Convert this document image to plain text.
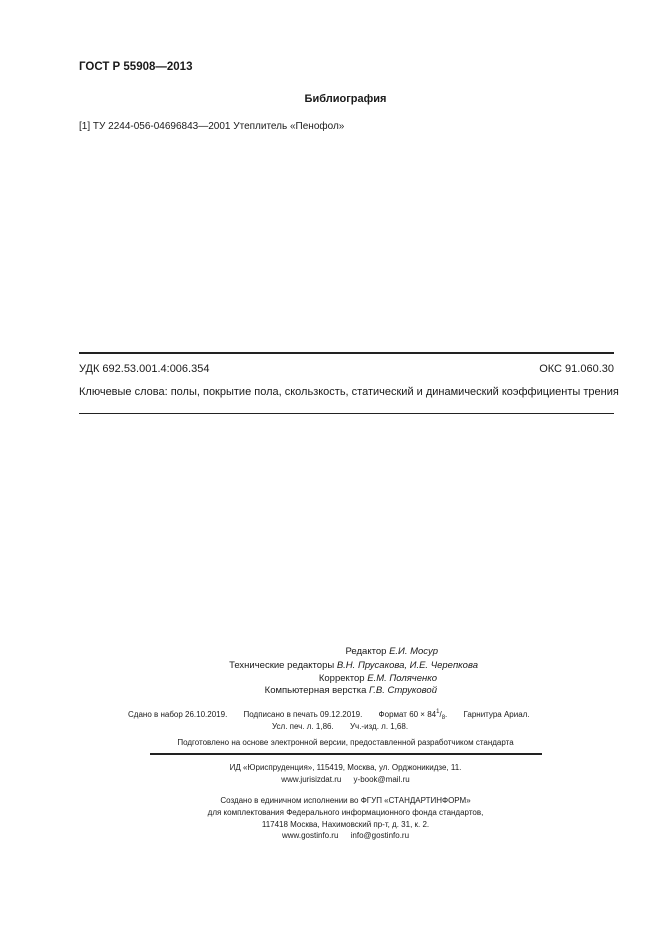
ГОСТ Р 55908—2013
Библиография
[1] ТУ 2244-056-04696843—2001 Утеплитель «Пенофол»
УДК 692.53.001.4:006.354	ОКС 91.060.30
Ключевые слова: полы, покрытие пола, скользкость, статический и динамический коэффициенты трения
Редактор Е.И. Мосур
Технические редакторы В.Н. Прусакова, И.Е. Черепкова
Корректор Е.М. Поляченко
Компьютерная верстка Г.В. Струковой
Сдано в набор 26.10.2019. Подписано в печать 09.12.2019. Формат $60 \times 84^1/_8$. Гарнитура Ариал.
Усл. печ. л. 1,86. Уч.-изд. л. 1,68.
Подготовлено на основе электронной версии, предоставленной разработчиком стандарта
ИД «Юриспруденция», 115419, Москва, ул. Орджоникидзе, 11.
www.jurisizdat.ru y-book@mail.ru
Создано в единичном исполнении во ФГУП «СТАНДАРТИНФОРМ»
для комплектования Федерального информационного фонда стандартов,
117418 Москва, Нахимовский пр-т, д. 31, к. 2.
www.gostinfo.ru info@gostinfo.ru
